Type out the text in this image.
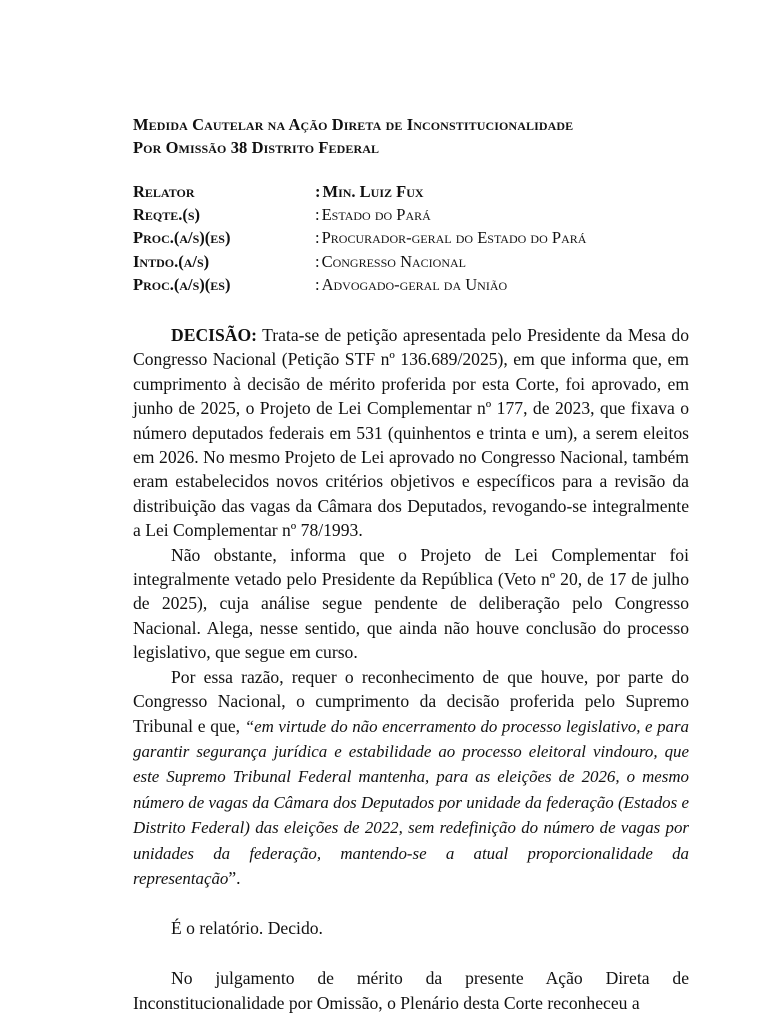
Medida Cautelar na Ação Direta de Inconstitucionalidade
Por Omissão 38 Distrito Federal
Relator	: Min. Luiz Fux
Reqte.(s)	: Estado do Pará
Proc.(a/s)(es)	: Procurador-geral do Estado do Pará
Intdo.(a/s)	: Congresso Nacional
Proc.(a/s)(es)	: Advogado-geral da União

DECISÃO: Trata-se de petição apresentada pelo Presidente da Mesa do Congresso Nacional (Petição STF nº 136.689/2025), em que informa que, em cumprimento à decisão de mérito proferida por esta Corte, foi aprovado, em junho de 2025, o Projeto de Lei Complementar nº 177, de 2023, que fixava o número deputados federais em 531 (quinhentos e trinta e um), a serem eleitos em 2026. No mesmo Projeto de Lei aprovado no Congresso Nacional, também eram estabelecidos novos critérios objetivos e específicos para a revisão da distribuição das vagas da Câmara dos Deputados, revogando-se integralmente a Lei Complementar nº 78/1993.

Não obstante, informa que o Projeto de Lei Complementar foi integralmente vetado pelo Presidente da República (Veto nº 20, de 17 de julho de 2025), cuja análise segue pendente de deliberação pelo Congresso Nacional. Alega, nesse sentido, que ainda não houve conclusão do processo legislativo, que segue em curso.

Por essa razão, requer o reconhecimento de que houve, por parte do Congresso Nacional, o cumprimento da decisão proferida pelo Supremo Tribunal e que, “em virtude do não encerramento do processo legislativo, e para garantir segurança jurídica e estabilidade ao processo eleitoral vindouro, que este Supremo Tribunal Federal mantenha, para as eleições de 2026, o mesmo número de vagas da Câmara dos Deputados por unidade da federação (Estados e Distrito Federal) das eleições de 2022, sem redefinição do número de vagas por unidades da federação, mantendo-se a atual proporcionalidade da representação”.

É o relatório. Decido.

No julgamento de mérito da presente Ação Direta de Inconstitucionalidade por Omissão, o Plenário desta Corte reconheceu a
